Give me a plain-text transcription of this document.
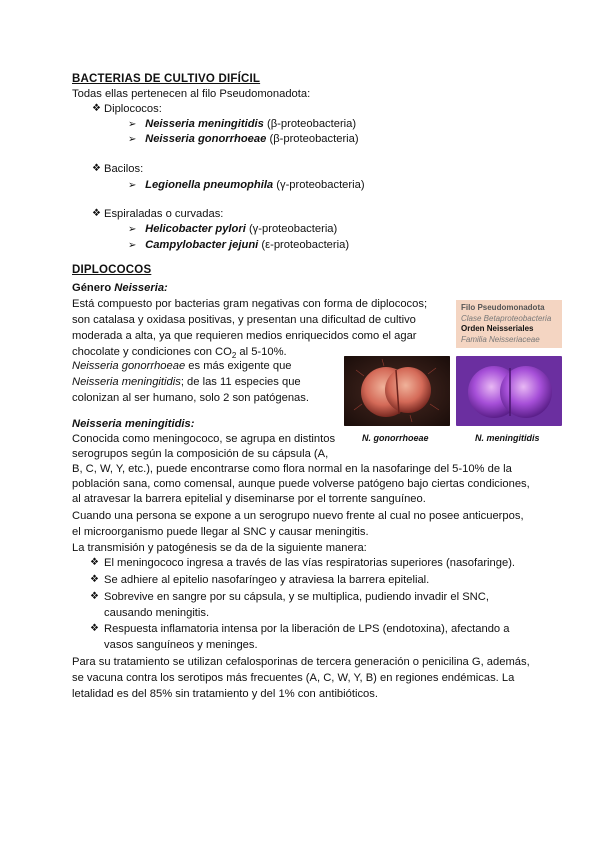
BACTERIAS DE CULTIVO DIFÍCIL
Todas ellas pertenecen al filo Pseudomonadota:
❖ Diplococos:
➢ Neisseria meningitidis (β-proteobacteria)
➢ Neisseria gonorrhoeae (β-proteobacteria)
❖ Bacilos:
➢ Legionella pneumophila (γ-proteobacteria)
❖ Espiraladas o curvadas:
➢ Helicobacter pylori (γ-proteobacteria)
➢ Campylobacter jejuni (ε-proteobacteria)
DIPLOCOCOS
Género Neisseria:
Está compuesto por bacterias gram negativas con forma de diplococos; son catalasa y oxidasa positivas, y presentan una dificultad de cultivo moderada a alta, ya que requieren medios enriquecidos como el agar chocolate y condiciones con $CO_2$ al 5-10%.
Filo Pseudomonadota
Clase Betaproteobacteria
Orden Neisseriales
Familia Neisseriaceae
Neisseria gonorrhoeae es más exigente que Neisseria meningitidis; de las 11 especies que colonizan al ser humano, solo 2 son patógenas.
N. gonorrhoeae	N. meningitidis
Neisseria meningitidis:
Conocida como meningococo, se agrupa en distintos
serogrupos según la composición de su cápsula (A,
B, C, W, Y, etc.), puede encontrarse como flora normal en la nasofaringe del 5-10% de la
población sana, como comensal, aunque puede volverse patógeno bajo ciertas condiciones,
al atravesar la barrera epitelial y diseminarse por el torrente sanguíneo.
Cuando una persona se expone a un serogrupo nuevo frente al cual no posee anticuerpos, el microorganismo puede llegar al SNC y causar meningitis.
La transmisión y patogénesis se da de la siguiente manera:
❖ El meningococo ingresa a través de las vías respiratorias superiores (nasofaringe).
❖ Se adhiere al epitelio nasofaríngeo y atraviesa la barrera epitelial.
❖ Sobrevive en sangre por su cápsula, y se multiplica, pudiendo invadir el SNC, causando meningitis.
❖ Respuesta inflamatoria intensa por la liberación de LPS (endotoxina), afectando a vasos sanguíneos y meninges.
Para su tratamiento se utilizan cefalosporinas de tercera generación o penicilina G, además, se vacuna contra los serotipos más frecuentes (A, C, W, Y, B) en regiones endémicas. La letalidad es del 85% sin tratamiento y del 1% con antibióticos.
